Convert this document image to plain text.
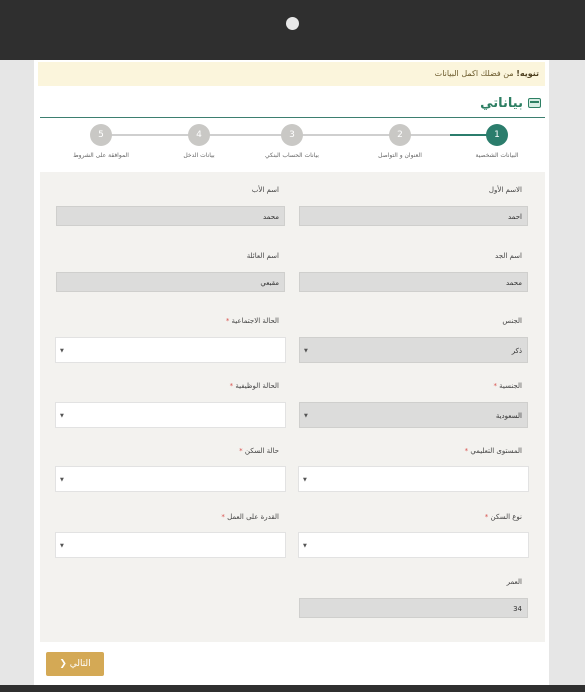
تنويه! من فضلك اكمل البيانات
بياناتي
1
2
3
4
5
البيانات الشخصية
العنوان و التواصل
بيانات الحساب البنكي
بيانات الدخل
الموافقة على الشروط
الاسم الأول
احمد
اسم الأب
محمد
اسم الجد
محمد
اسم العائلة
مقبعي
الجنس
ذكر
▼
الحالة الاجتماعية *
▼
الجنسية *
السعودية
▼
الحالة الوظيفية *
▼
المستوى التعليمي *
▼
حالة السكن *
▼
نوع السكن *
▼
القدرة على العمل *
▼
العمر
34
التالي ❮
